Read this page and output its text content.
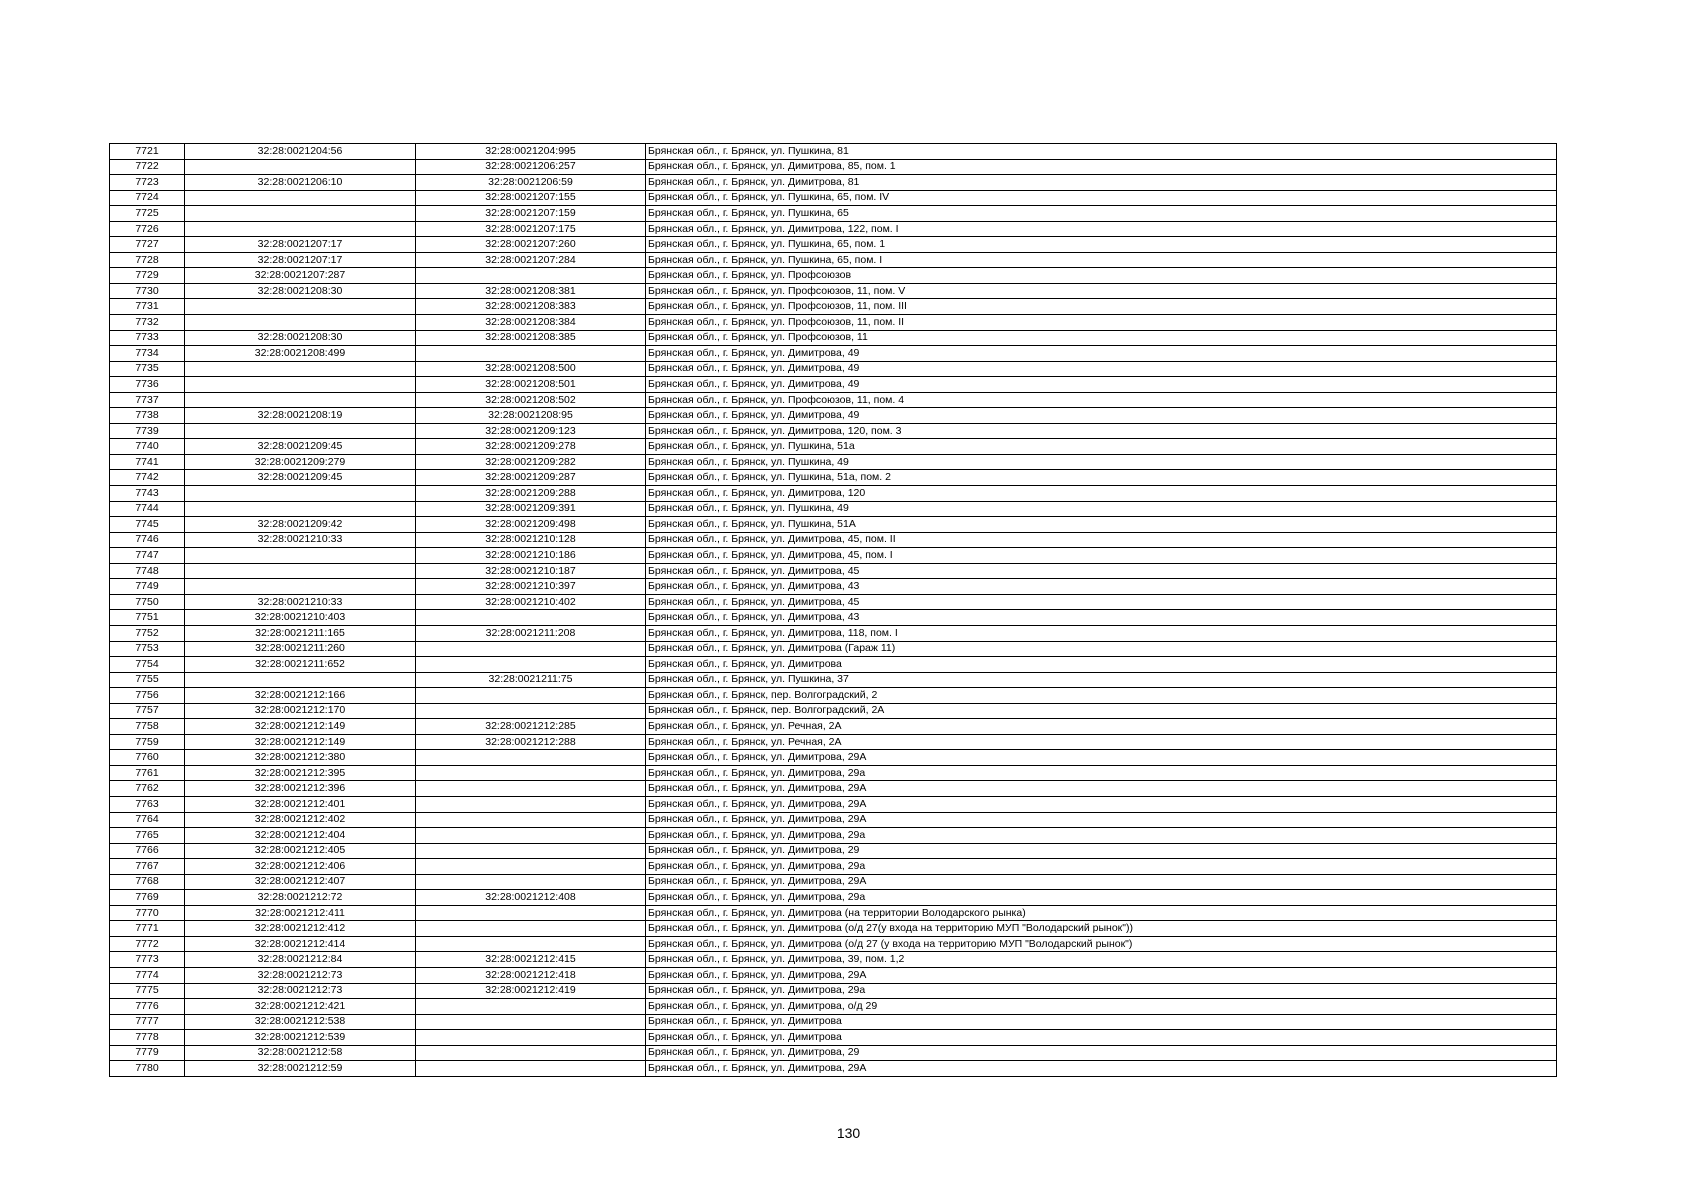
7721	32:28:0021204:56	32:28:0021204:995	Брянская обл., г. Брянск, ул. Пушкина, 81
7722		32:28:0021206:257	Брянская обл., г. Брянск, ул. Димитрова, 85, пом. 1
7723	32:28:0021206:10	32:28:0021206:59	Брянская обл., г. Брянск, ул. Димитрова, 81
7724		32:28:0021207:155	Брянская обл., г. Брянск, ул. Пушкина, 65, пом. IV
7725		32:28:0021207:159	Брянская обл., г. Брянск, ул. Пушкина, 65
7726		32:28:0021207:175	Брянская обл., г. Брянск, ул. Димитрова, 122, пом. I
7727	32:28:0021207:17	32:28:0021207:260	Брянская обл., г. Брянск, ул. Пушкина, 65, пом. 1
7728	32:28:0021207:17	32:28:0021207:284	Брянская обл., г. Брянск, ул. Пушкина, 65, пом. I
7729	32:28:0021207:287		Брянская обл., г. Брянск, ул. Профсоюзов
7730	32:28:0021208:30	32:28:0021208:381	Брянская обл., г. Брянск, ул. Профсоюзов, 11, пом. V
7731		32:28:0021208:383	Брянская обл., г. Брянск, ул. Профсоюзов, 11, пом. III
7732		32:28:0021208:384	Брянская обл., г. Брянск, ул. Профсоюзов, 11, пом. II
7733	32:28:0021208:30	32:28:0021208:385	Брянская обл., г. Брянск, ул. Профсоюзов, 11
7734	32:28:0021208:499		Брянская обл., г. Брянск, ул. Димитрова, 49
7735		32:28:0021208:500	Брянская обл., г. Брянск, ул. Димитрова, 49
7736		32:28:0021208:501	Брянская обл., г. Брянск, ул. Димитрова, 49
7737		32:28:0021208:502	Брянская обл., г. Брянск, ул. Профсоюзов, 11, пом. 4
7738	32:28:0021208:19	32:28:0021208:95	Брянская обл., г. Брянск, ул. Димитрова, 49
7739		32:28:0021209:123	Брянская обл., г. Брянск, ул. Димитрова, 120, пом. 3
7740	32:28:0021209:45	32:28:0021209:278	Брянская обл., г. Брянск, ул. Пушкина, 51а
7741	32:28:0021209:279	32:28:0021209:282	Брянская обл., г. Брянск, ул. Пушкина, 49
7742	32:28:0021209:45	32:28:0021209:287	Брянская обл., г. Брянск, ул. Пушкина, 51а, пом. 2
7743		32:28:0021209:288	Брянская обл., г. Брянск, ул. Димитрова, 120
7744		32:28:0021209:391	Брянская обл., г. Брянск, ул. Пушкина, 49
7745	32:28:0021209:42	32:28:0021209:498	Брянская обл., г. Брянск, ул. Пушкина, 51А
7746	32:28:0021210:33	32:28:0021210:128	Брянская обл., г. Брянск, ул. Димитрова, 45, пом. II
7747		32:28:0021210:186	Брянская обл., г. Брянск, ул. Димитрова, 45, пом. I
7748		32:28:0021210:187	Брянская обл., г. Брянск, ул. Димитрова, 45
7749		32:28:0021210:397	Брянская обл., г. Брянск, ул. Димитрова, 43
7750	32:28:0021210:33	32:28:0021210:402	Брянская обл., г. Брянск, ул. Димитрова, 45
7751	32:28:0021210:403		Брянская обл., г. Брянск, ул. Димитрова, 43
7752	32:28:0021211:165	32:28:0021211:208	Брянская обл., г. Брянск, ул. Димитрова, 118, пом. I
7753	32:28:0021211:260		Брянская обл., г. Брянск, ул. Димитрова (Гараж 11)
7754	32:28:0021211:652		Брянская обл., г. Брянск, ул. Димитрова
7755		32:28:0021211:75	Брянская обл., г. Брянск, ул. Пушкина, 37
7756	32:28:0021212:166		Брянская обл., г. Брянск, пер. Волгоградский, 2
7757	32:28:0021212:170		Брянская обл., г. Брянск, пер. Волгоградский, 2А
7758	32:28:0021212:149	32:28:0021212:285	Брянская обл., г. Брянск, ул. Речная, 2А
7759	32:28:0021212:149	32:28:0021212:288	Брянская обл., г. Брянск, ул. Речная, 2А
7760	32:28:0021212:380		Брянская обл., г. Брянск, ул. Димитрова, 29А
7761	32:28:0021212:395		Брянская обл., г. Брянск, ул. Димитрова, 29а
7762	32:28:0021212:396		Брянская обл., г. Брянск, ул. Димитрова, 29А
7763	32:28:0021212:401		Брянская обл., г. Брянск, ул. Димитрова, 29А
7764	32:28:0021212:402		Брянская обл., г. Брянск, ул. Димитрова, 29А
7765	32:28:0021212:404		Брянская обл., г. Брянск, ул. Димитрова, 29а
7766	32:28:0021212:405		Брянская обл., г. Брянск, ул. Димитрова, 29
7767	32:28:0021212:406		Брянская обл., г. Брянск, ул. Димитрова, 29а
7768	32:28:0021212:407		Брянская обл., г. Брянск, ул. Димитрова, 29А
7769	32:28:0021212:72	32:28:0021212:408	Брянская обл., г. Брянск, ул. Димитрова, 29а
7770	32:28:0021212:411		Брянская обл., г. Брянск, ул. Димитрова (на территории Володарского рынка)
7771	32:28:0021212:412		Брянская обл., г. Брянск, ул. Димитрова (о/д 27(у входа на территорию МУП "Володарский рынок"))
7772	32:28:0021212:414		Брянская обл., г. Брянск, ул. Димитрова (о/д 27 (у входа на территорию МУП "Володарский рынок")
7773	32:28:0021212:84	32:28:0021212:415	Брянская обл., г. Брянск, ул. Димитрова, 39, пом. 1,2
7774	32:28:0021212:73	32:28:0021212:418	Брянская обл., г. Брянск, ул. Димитрова, 29А
7775	32:28:0021212:73	32:28:0021212:419	Брянская обл., г. Брянск, ул. Димитрова, 29а
7776	32:28:0021212:421		Брянская обл., г. Брянск, ул. Димитрова, о/д 29
7777	32:28:0021212:538		Брянская обл., г. Брянск, ул. Димитрова
7778	32:28:0021212:539		Брянская обл., г. Брянск, ул. Димитрова
7779	32:28:0021212:58		Брянская обл., г. Брянск, ул. Димитрова, 29
7780	32:28:0021212:59		Брянская обл., г. Брянск, ул. Димитрова, 29А
130
